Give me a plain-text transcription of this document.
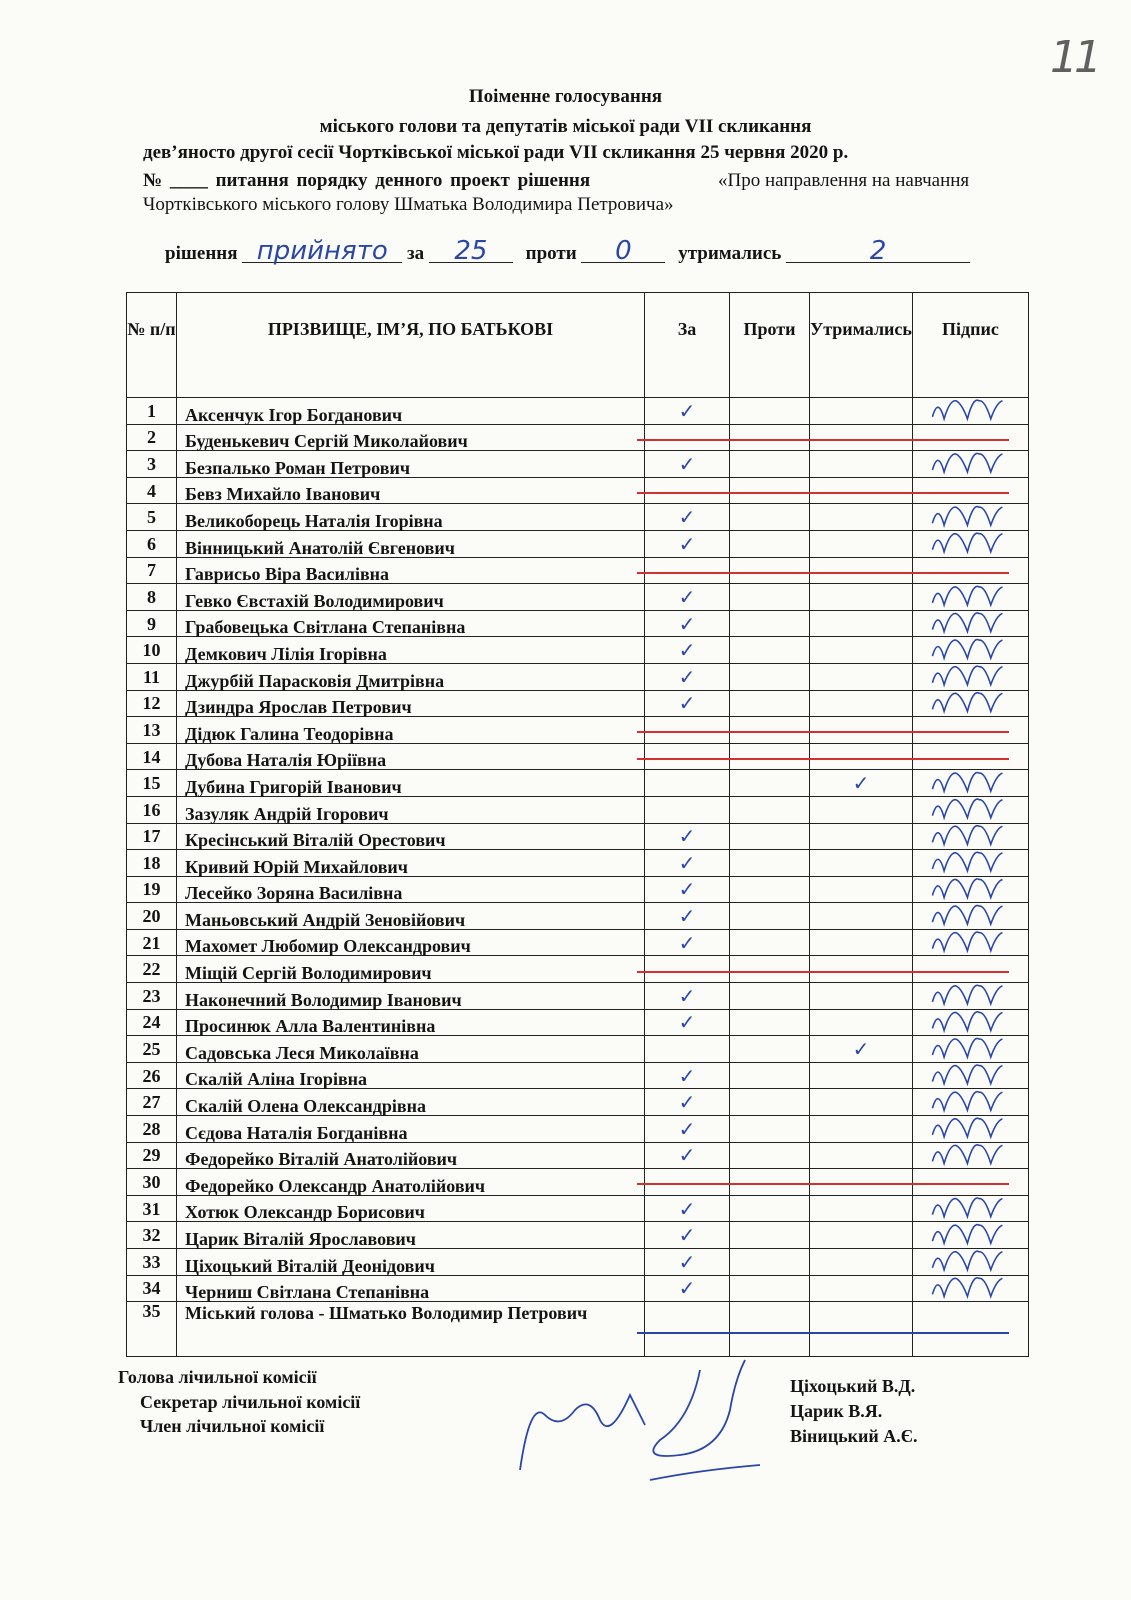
11
Поіменне голосування
міського голови та депутатів міської ради VII скликання
дев’яносто другої сесії Чортківської міської ради VII скликання 25 червня 2020 р.
№ ____ питання порядку денного проект рішення	«Про направлення на навчання
Чортківського міського голову Шматька Володимира Петровича»
рішення прийнято за 25 проти 0 утримались	2
№ п/п	ПРІЗВИЩЕ, ІМ’Я, ПО БАТЬКОВІ	За	Проти	Утримались	Підпис
1	Аксенчук Ігор Богданович	✓			
2	Буденькевич Сергій Миколайович				
3	Безпалько Роман Петрович	✓			
4	Бевз Михайло Іванович				
5	Великоборець Наталія Ігорівна	✓			
6	Вінницький Анатолій Євгенович	✓			
7	Гаврисьо Віра Василівна				
8	Гевко Євстахій Володимирович	✓			
9	Грабовецька Світлана Степанівна	✓			
10	Демкович Лілія Ігорівна	✓			
11	Джурбій Парасковія Дмитрівна	✓			
12	Дзиндра Ярослав Петрович	✓			
13	Дідюк Галина Теодорівна				
14	Дубова Наталія Юріївна				
15	Дубина Григорій Іванович			✓	
16	Зазуляк Андрій Ігорович				
17	Кресінський Віталій Орестович	✓			
18	Кривий Юрій Михайлович	✓			
19	Лесейко Зоряна Василівна	✓			
20	Маньовський Андрій Зеновійович	✓			
21	Махомет Любомир Олександрович	✓			
22	Міщій Сергій Володимирович				
23	Наконечний Володимир Іванович	✓			
24	Просинюк Алла Валентинівна	✓			
25	Садовська Леся Миколаївна			✓	
26	Скалій Аліна Ігорівна	✓			
27	Скалій Олена Олександрівна	✓			
28	Сєдова Наталія Богданівна	✓			
29	Федорейко Віталій Анатолійович	✓			
30	Федорейко Олександр Анатолійович				
31	Хотюк Олександр Борисович	✓			
32	Царик Віталій Ярославович	✓			
33	Ціхоцький Віталій Деонідович	✓			
34	Черниш Світлана Степанівна	✓			
35	Міський голова - Шматько Володимир Петрович				
Голова лічильної комісії
Секретар лічильної комісії
Член лічильної комісії
Ціхоцький В.Д.
Царик В.Я.
Віницький А.Є.
